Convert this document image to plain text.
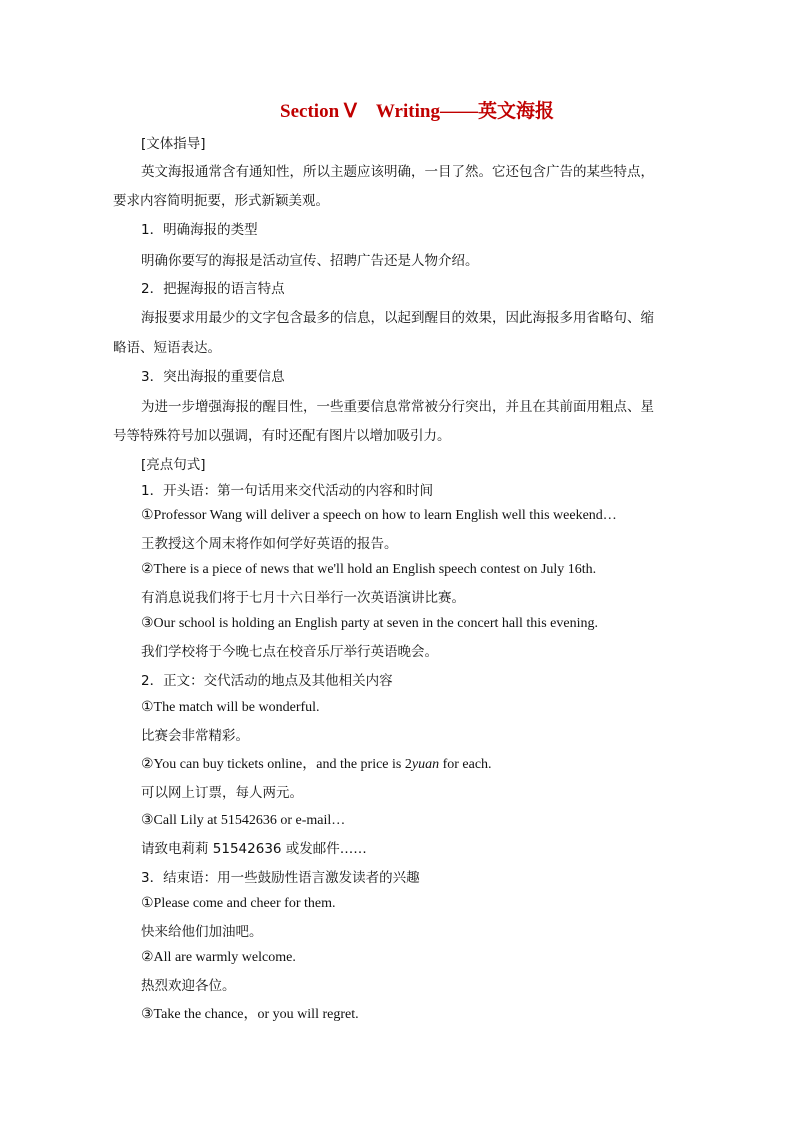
Section Ⅴ　Writing——英文海报
[文体指导]
英文海报通常含有通知性，所以主题应该明确，一目了然。它还包含广告的某些特点，
要求内容简明扼要，形式新颖美观。
1．明确海报的类型
明确你要写的海报是活动宣传、招聘广告还是人物介绍。
2．把握海报的语言特点
海报要求用最少的文字包含最多的信息，以起到醒目的效果，因此海报多用省略句、缩
略语、短语表达。
3．突出海报的重要信息
为进一步增强海报的醒目性，一些重要信息常常被分行突出，并且在其前面用粗点、星
号等特殊符号加以强调，有时还配有图片以增加吸引力。
[亮点句式]
1．开头语：第一句话用来交代活动的内容和时间
①Professor Wang will deliver a speech on how to learn English well this weekend…
王教授这个周末将作如何学好英语的报告。
②There is a piece of news that we'll hold an English speech contest on July 16th.
有消息说我们将于七月十六日举行一次英语演讲比赛。
③Our school is holding an English party at seven in the concert hall this evening.
我们学校将于今晚七点在校音乐厅举行英语晚会。
2．正文：交代活动的地点及其他相关内容
①The match will be wonderful.
比赛会非常精彩。
②You can buy tickets online，and the price is 2yuan for each.
可以网上订票，每人两元。
③Call Lily at 51542636 or e-mail…
请致电莉莉 51542636 或发邮件……
3．结束语：用一些鼓励性语言激发读者的兴趣
①Please come and cheer for them.
快来给他们加油吧。
②All are warmly welcome.
热烈欢迎各位。
③Take the chance，or you will regret.
